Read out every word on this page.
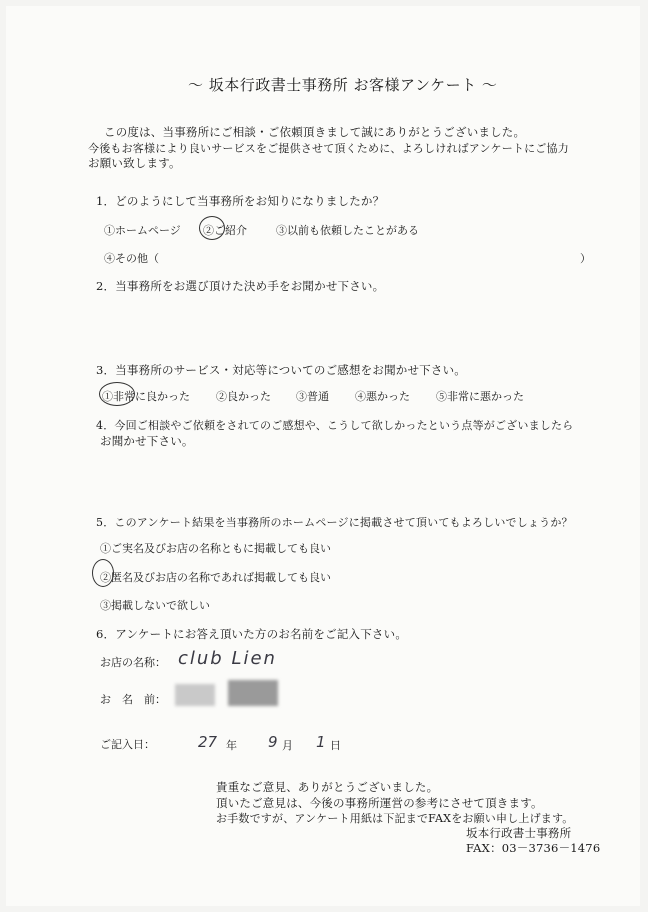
～ 坂本行政書士事務所 お客様アンケート ～
この度は、当事務所にご相談・ご依頼頂きまして誠にありがとうございました。
今後もお客様により良いサービスをご提供させて頂くために、よろしければアンケートにご協力
お願い致します。
1．どのようにして当事務所をお知りになりましたか？
①ホームページ ②ご紹介	③以前も依頼したことがある
④その他（	）
2．当事務所をお選び頂けた決め手をお聞かせ下さい。
3．当事務所のサービス・対応等についてのご感想をお聞かせ下さい。
①非常に良かった ②良かった ③普通 ④悪かった ⑤非常に悪かった
4．今回ご相談やご依頼をされてのご感想や、こうして欲しかったという点等がございましたら
お聞かせ下さい。
5．このアンケート結果を当事務所のホームページに掲載させて頂いてもよろしいでしょうか？
①ご実名及びお店の名称ともに掲載しても良い
②匿名及びお店の名称であれば掲載しても良い
③掲載しないで欲しい
6．アンケートにお答え頂いた方のお名前をご記入下さい。
お店の名称： club Lien
お　名　前：
ご記入日：	27 年 9 月 1 日
貴重なご意見、ありがとうございました。
頂いたご意見は、今後の事務所運営の参考にさせて頂きます。
お手数ですが、アンケート用紙は下記までFAXをお願い申し上げます。
坂本行政書士事務所
FAX：03－3736－1476
